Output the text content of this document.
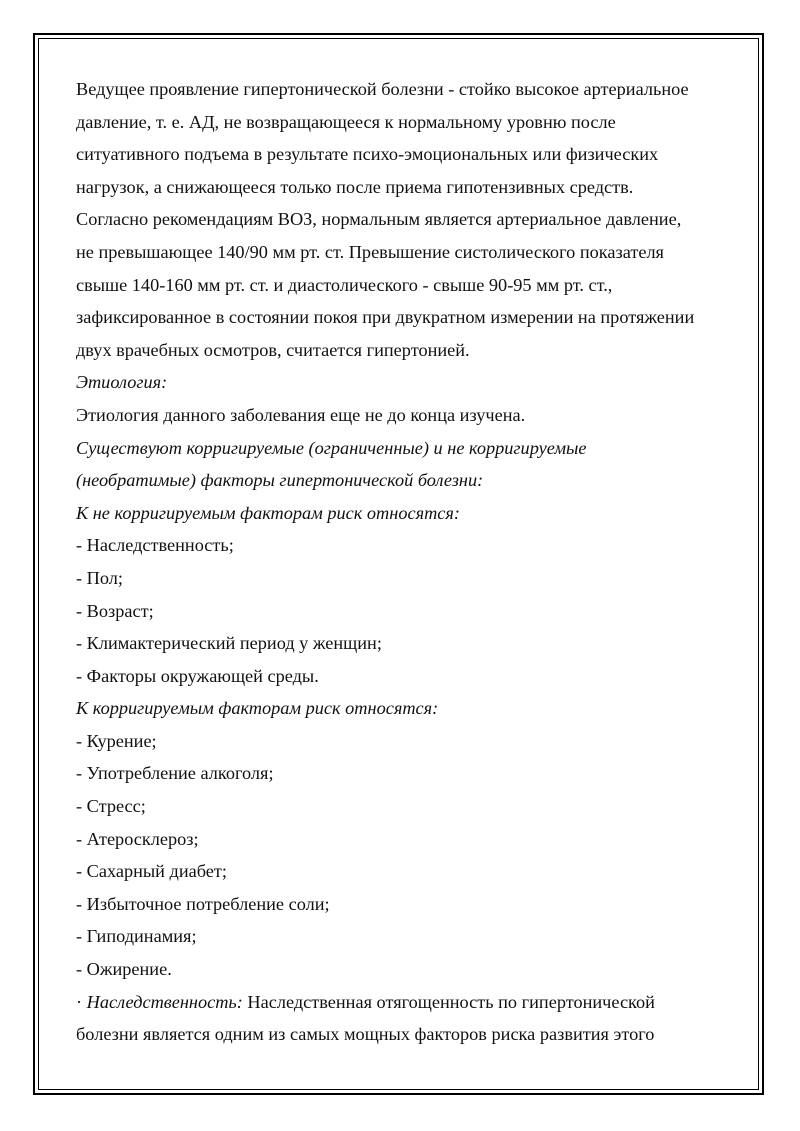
Ведущее проявление гипертонической болезни - стойко высокое артериальное
давление, т. е. АД, не возвращающееся к нормальному уровню после
ситуативного подъема в результате психо-эмоциональных или физических
нагрузок, а снижающееся только после приема гипотензивных средств.
Согласно рекомендациям ВОЗ, нормальным является артериальное давление,
не превышающее 140/90 мм рт. ст. Превышение систолического показателя
свыше 140-160 мм рт. ст. и диастолического - свыше 90-95 мм рт. ст.,
зафиксированное в состоянии покоя при двукратном измерении на протяжении
двух врачебных осмотров, считается гипертонией.
Этиология:
Этиология данного заболевания еще не до конца изучена.
Существуют корригируемые (ограниченные) и не корригируемые
(необратимые) факторы гипертонической болезни:
К не корригируемым факторам риск относятся:
- Наследственность;
- Пол;
- Возраст;
- Климактерический период у женщин;
- Факторы окружающей среды.
К корригируемым факторам риск относятся:
- Курение;
- Употребление алкоголя;
- Стресс;
- Атеросклероз;
- Сахарный диабет;
- Избыточное потребление соли;
- Гиподинамия;
- Ожирение.
· Наследственность: Наследственная отягощенность по гипертонической
болезни является одним из самых мощных факторов риска развития этого
